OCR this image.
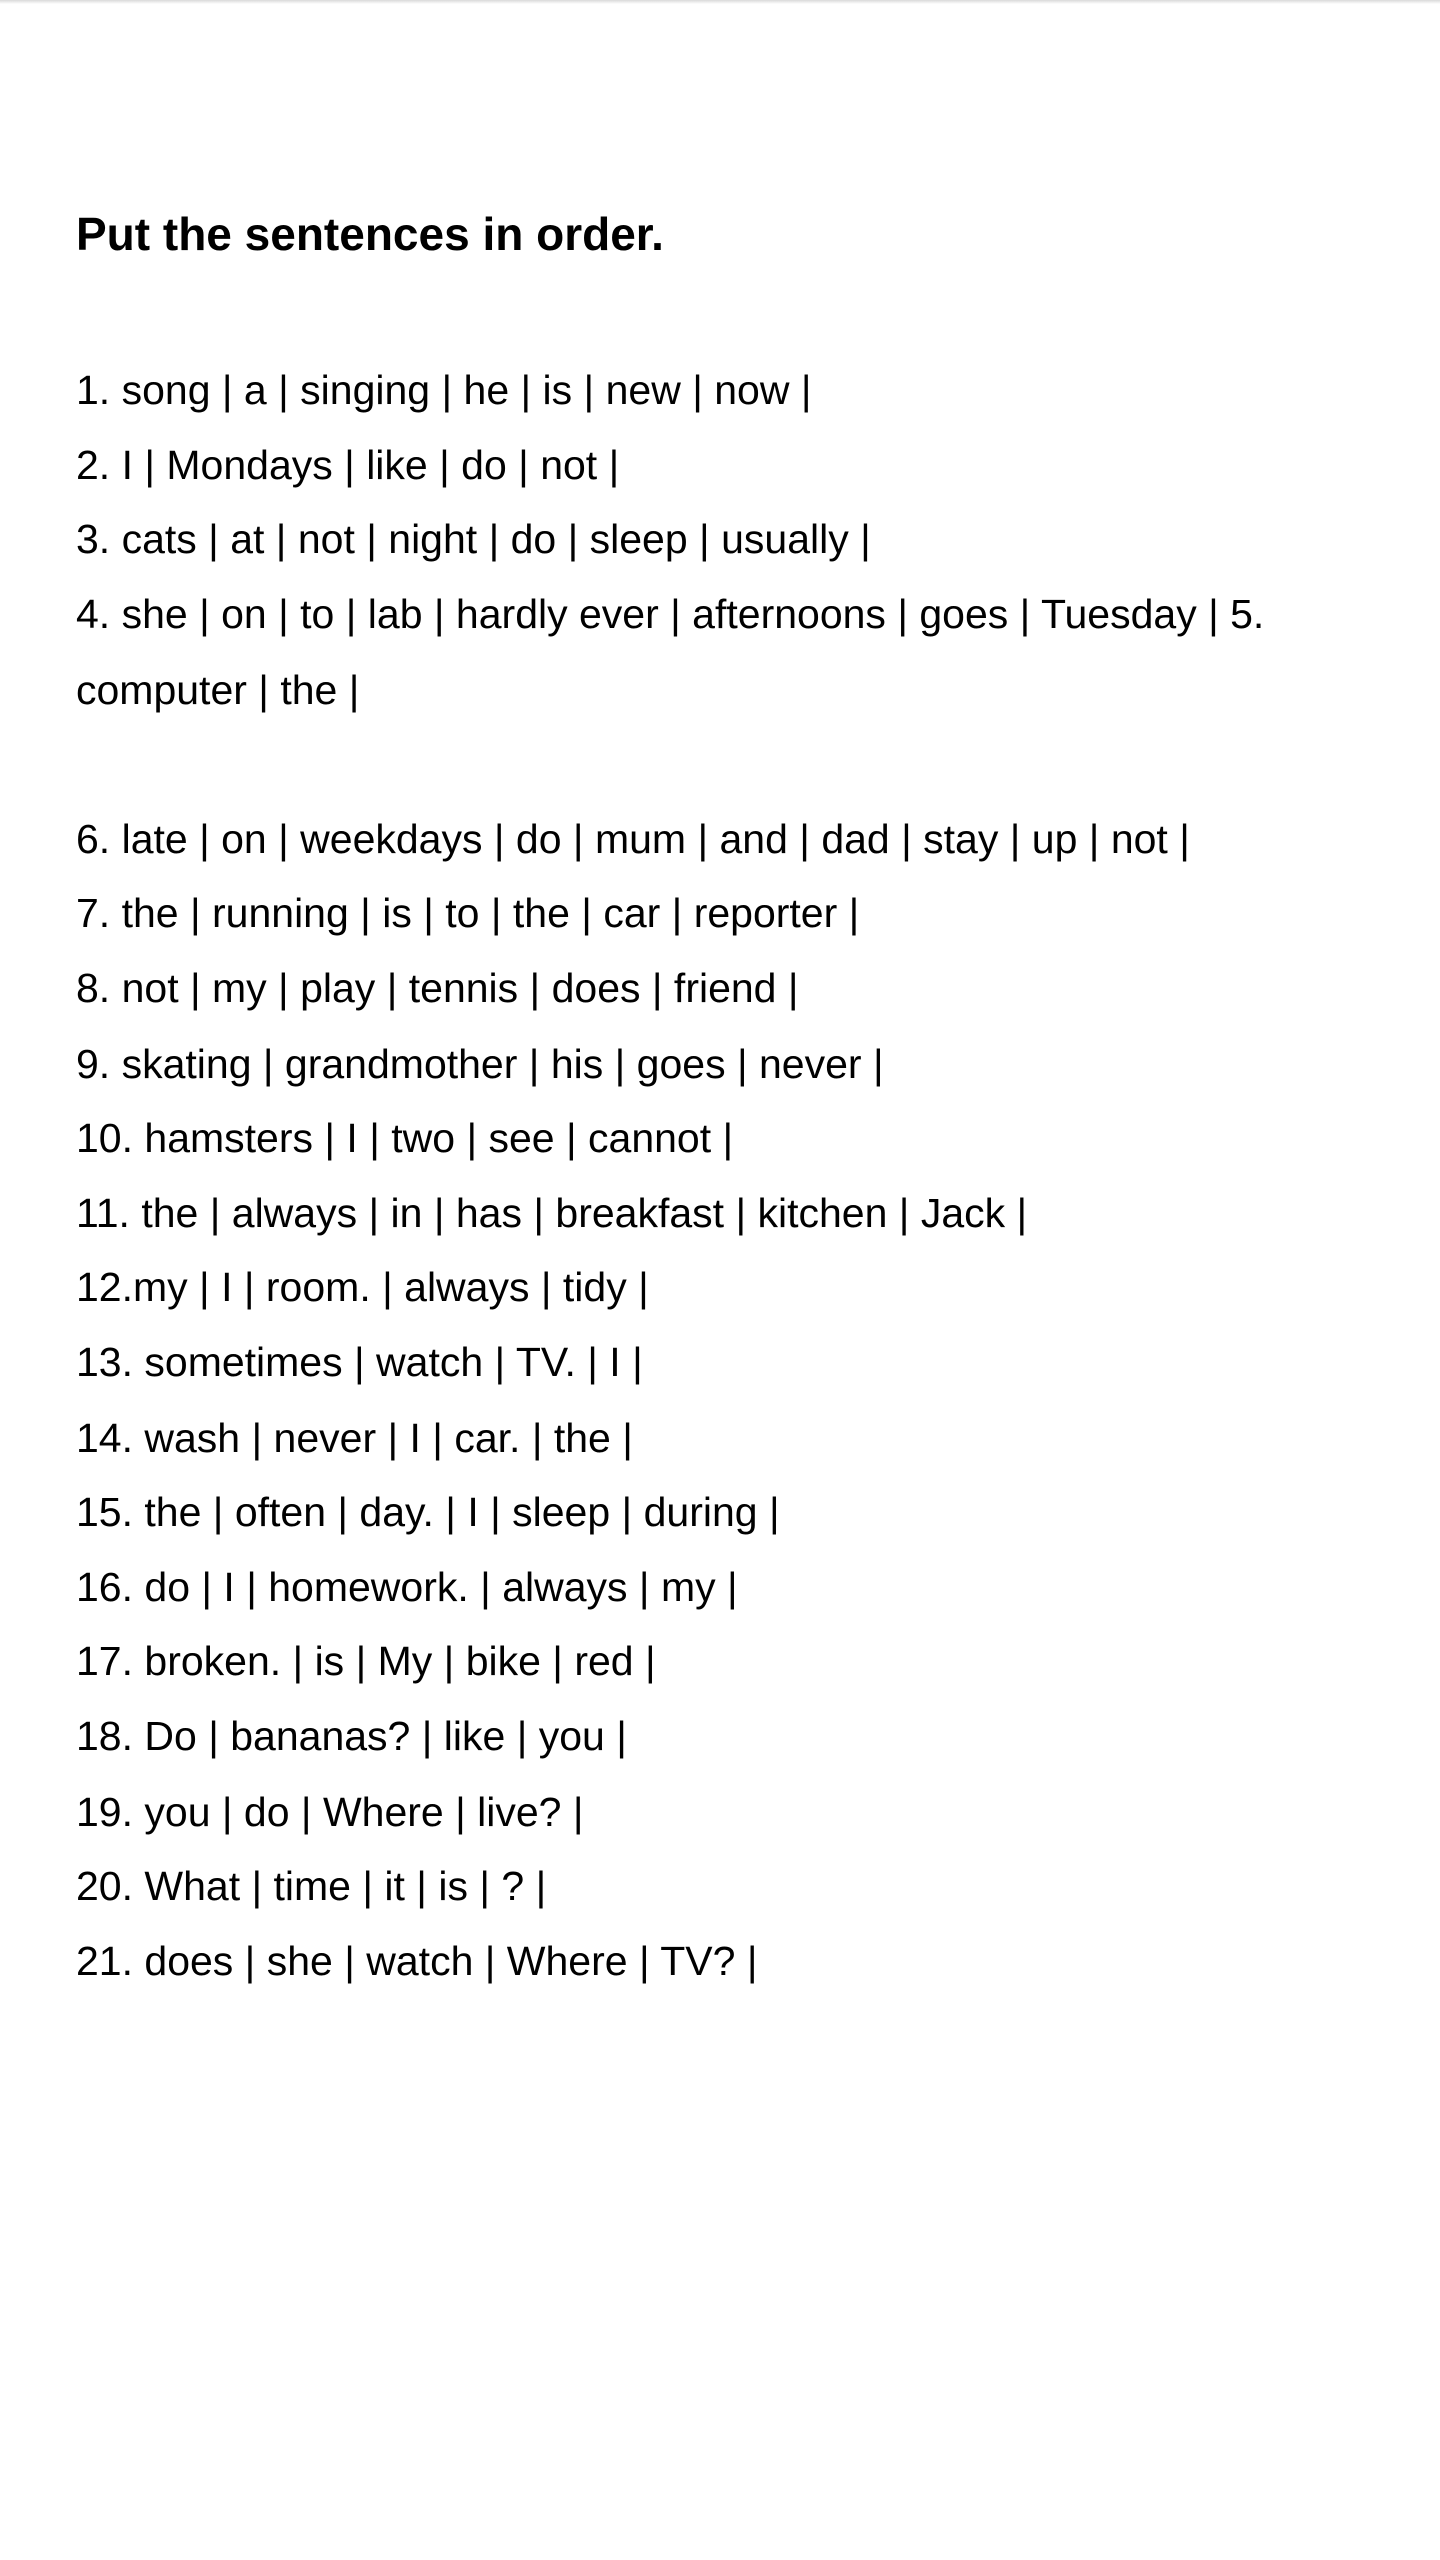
Put the sentences in order.
1. song | a | singing | he | is | new | now |
2. I | Mondays | like | do | not |
3. cats | at | not | night | do | sleep | usually |
4. she | on | to | lab | hardly ever | afternoons | goes | Tuesday | 5.
computer | the |
6. late | on | weekdays | do | mum | and | dad | stay | up | not |
7. the | running | is | to | the | car | reporter |
8. not | my | play | tennis | does | friend |
9. skating | grandmother | his | goes | never |
10. hamsters | I | two | see | cannot |
11. the | always | in | has | breakfast | kitchen | Jack |
12.my | I | room. | always | tidy |
13. sometimes | watch | TV. | I |
14. wash | never | I | car. | the |
15. the | often | day. | I | sleep | during |
16. do | I | homework. | always | my |
17. broken. | is | My | bike | red |
18. Do | bananas? | like | you |
19. you | do | Where | live? |
20. What | time | it | is | ? |
21. does | she | watch | Where | TV? |
